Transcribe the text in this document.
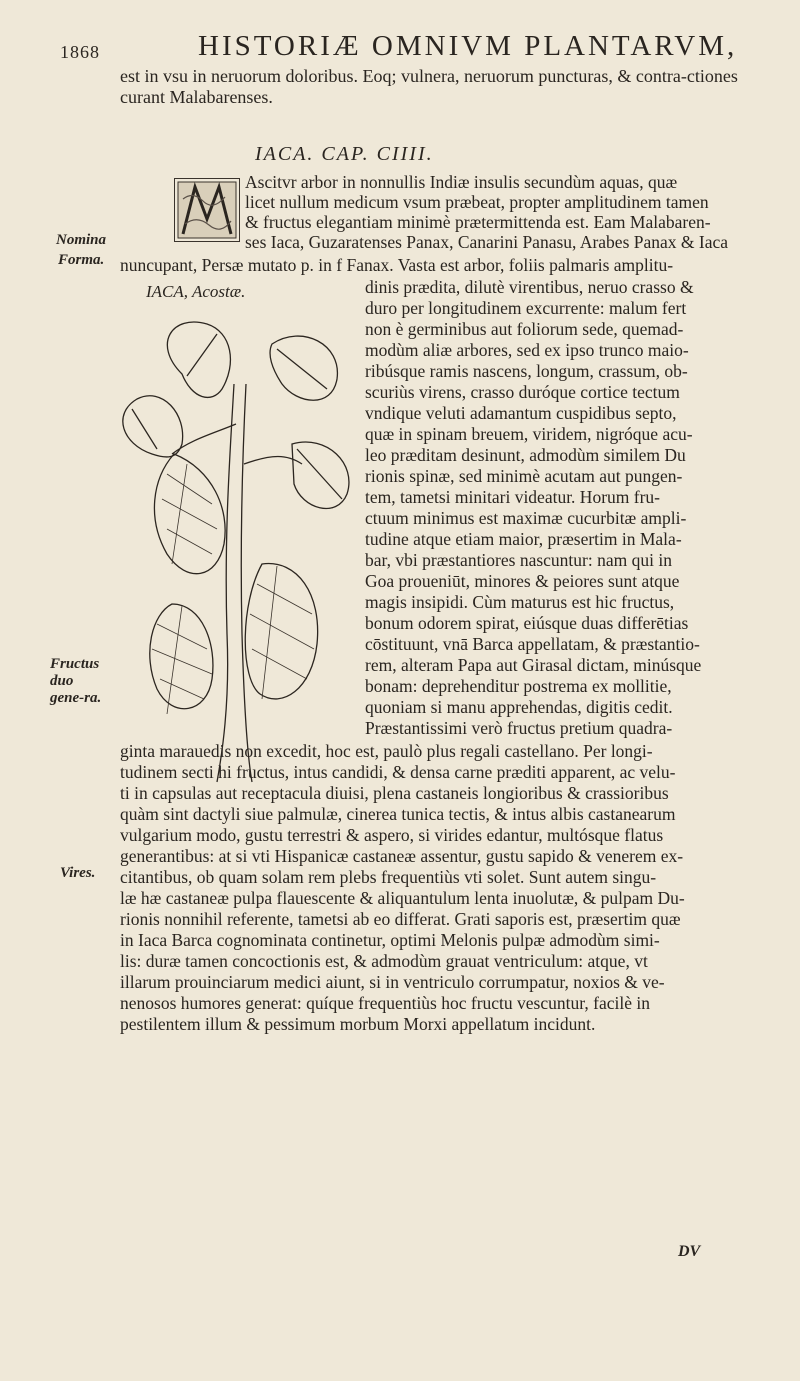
1868	HISTORIÆ OMNIVM PLANTARVM,

est in vsu in neruorum doloribus. Eoq; vulnera, neruorum puncturas, & contra-ctiones curant Malabarenses.

IACA. CAP. CIIII.
IACA, Acostæ.
Ascitvr arbor in nonnullis Indiæ insulis secundùm aquas, quæ
licet nullum medicum vsum præbeat, propter amplitudinem tamen
& fructus elegantiam minimè prætermittenda est. Eam Malabaren-
ses Iaca, Guzaratenses Panax, Canarini Panasu, Arabes Panax & Iaca
nuncupant, Persæ mutato p. in f Fanax. Vasta est arbor, foliis palmaris amplitu-
dinis prædita, dilutè virentibus, neruo crasso &
duro per longitudinem excurrente: malum fert
non è germinibus aut foliorum sede, quemad-
modùm aliæ arbores, sed ex ipso trunco maio-
ribúsque ramis nascens, longum, crassum, ob-
scuriùs virens, crasso duróque cortice tectum
vndique veluti adamantum cuspidibus septo,
quæ in spinam breuem, viridem, nigróque acu-
leo præditam desinunt, admodùm similem Du
rionis spinæ, sed minimè acutam aut pungen-
tem, tametsi minitari videatur. Horum fru-
ctuum minimus est maximæ cucurbitæ ampli-
tudine atque etiam maior, præsertim in Mala-
bar, vbi præstantiores nascuntur: nam qui in
Goa proueniūt, minores & peiores sunt atque
magis insipidi. Cùm maturus est hic fructus,
bonum odorem spirat, eiúsque duas differētias
cōstituunt, vnā Barca appellatam, & præstantio-
rem, alteram Papa aut Girasal dictam, minúsque
bonam: deprehenditur postrema ex mollitie,
quoniam si manu apprehendas, digitis cedit.
Præstantissimi verò fructus pretium quadra-
ginta marauedis non excedit, hoc est, paulò plus regali castellano. Per longi-
tudinem secti hi fructus, intus candidi, & densa carne præditi apparent, ac velu-
ti in capsulas aut receptacula diuisi, plena castaneis longioribus & crassioribus
quàm sint dactyli siue palmulæ, cinerea tunica tectis, & intus albis castanearum
vulgarium modo, gustu terrestri & aspero, si virides edantur, multósque flatus
generantibus: at si vti Hispanicæ castaneæ assentur, gustu sapido & venerem ex-
citantibus, ob quam solam rem plebs frequentiùs vti solet. Sunt autem singu-
læ hæ castaneæ pulpa flauescente & aliquantulum lenta inuolutæ, & pulpam Du-
rionis nonnihil referente, tametsi ab eo differat. Grati saporis est, præsertim quæ
in Iaca Barca cognominata continetur, optimi Melonis pulpæ admodùm simi-
lis: duræ tamen concoctionis est, & admodùm grauat ventriculum: atque, vt
illarum prouinciarum medici aiunt, si in ventriculo corrumpatur, noxios & ve-
nenosos humores generat: quíque frequentiùs hoc fructu vescuntur, facilè in
pestilentem illum & pessimum morbum Morxi appellatum incidunt.
Nomina
Forma.
Fructus duo gene-ra.
Vires.
DV
